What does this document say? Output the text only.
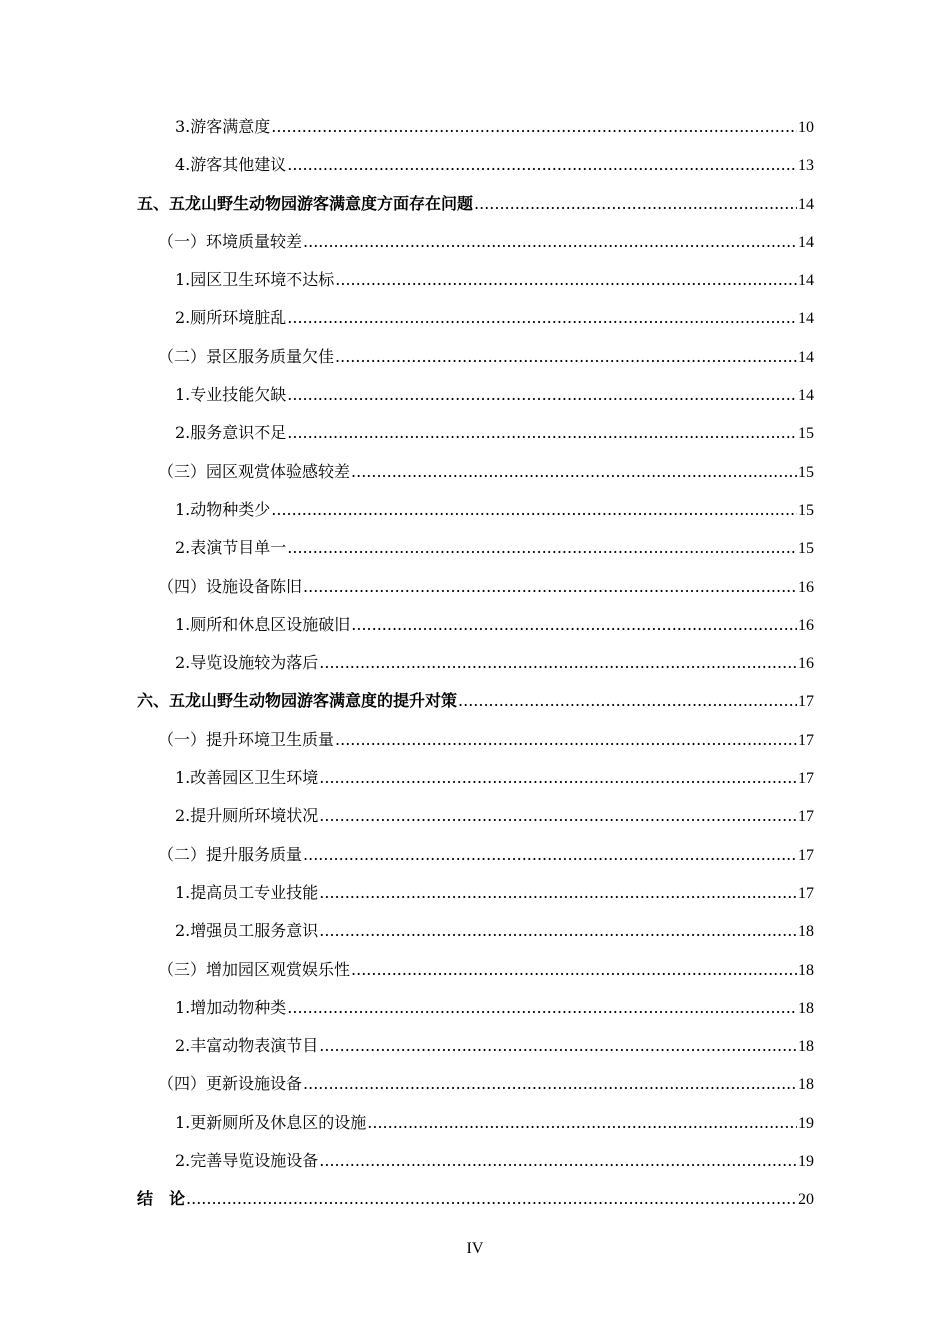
3.游客满意度 .....	10
4.游客其他建议 .....	13
五、五龙山野生动物园游客满意度方面存在问题 .....	14
（一）环境质量较差 .....	14
1.园区卫生环境不达标 .....	14
2.厕所环境脏乱 .....	14
（二）景区服务质量欠佳 .....	14
1.专业技能欠缺 .....	14
2.服务意识不足 .....	15
（三）园区观赏体验感较差 .....	15
1.动物种类少 .....	15
2.表演节目单一 .....	15
（四）设施设备陈旧 .....	16
1.厕所和休息区设施破旧 .....	16
2.导览设施较为落后 .....	16
六、五龙山野生动物园游客满意度的提升对策 .....	17
（一）提升环境卫生质量 .....	17
1.改善园区卫生环境 .....	17
2.提升厕所环境状况 .....	17
（二）提升服务质量 .....	17
1.提高员工专业技能 .....	17
2.增强员工服务意识 .....	18
（三）增加园区观赏娱乐性 .....	18
1.增加动物种类 .....	18
2.丰富动物表演节目 .....	18
（四）更新设施设备 .....	18
1.更新厕所及休息区的设施 .....	19
2.完善导览设施设备 .....	19
结　论 .....	20
IV
